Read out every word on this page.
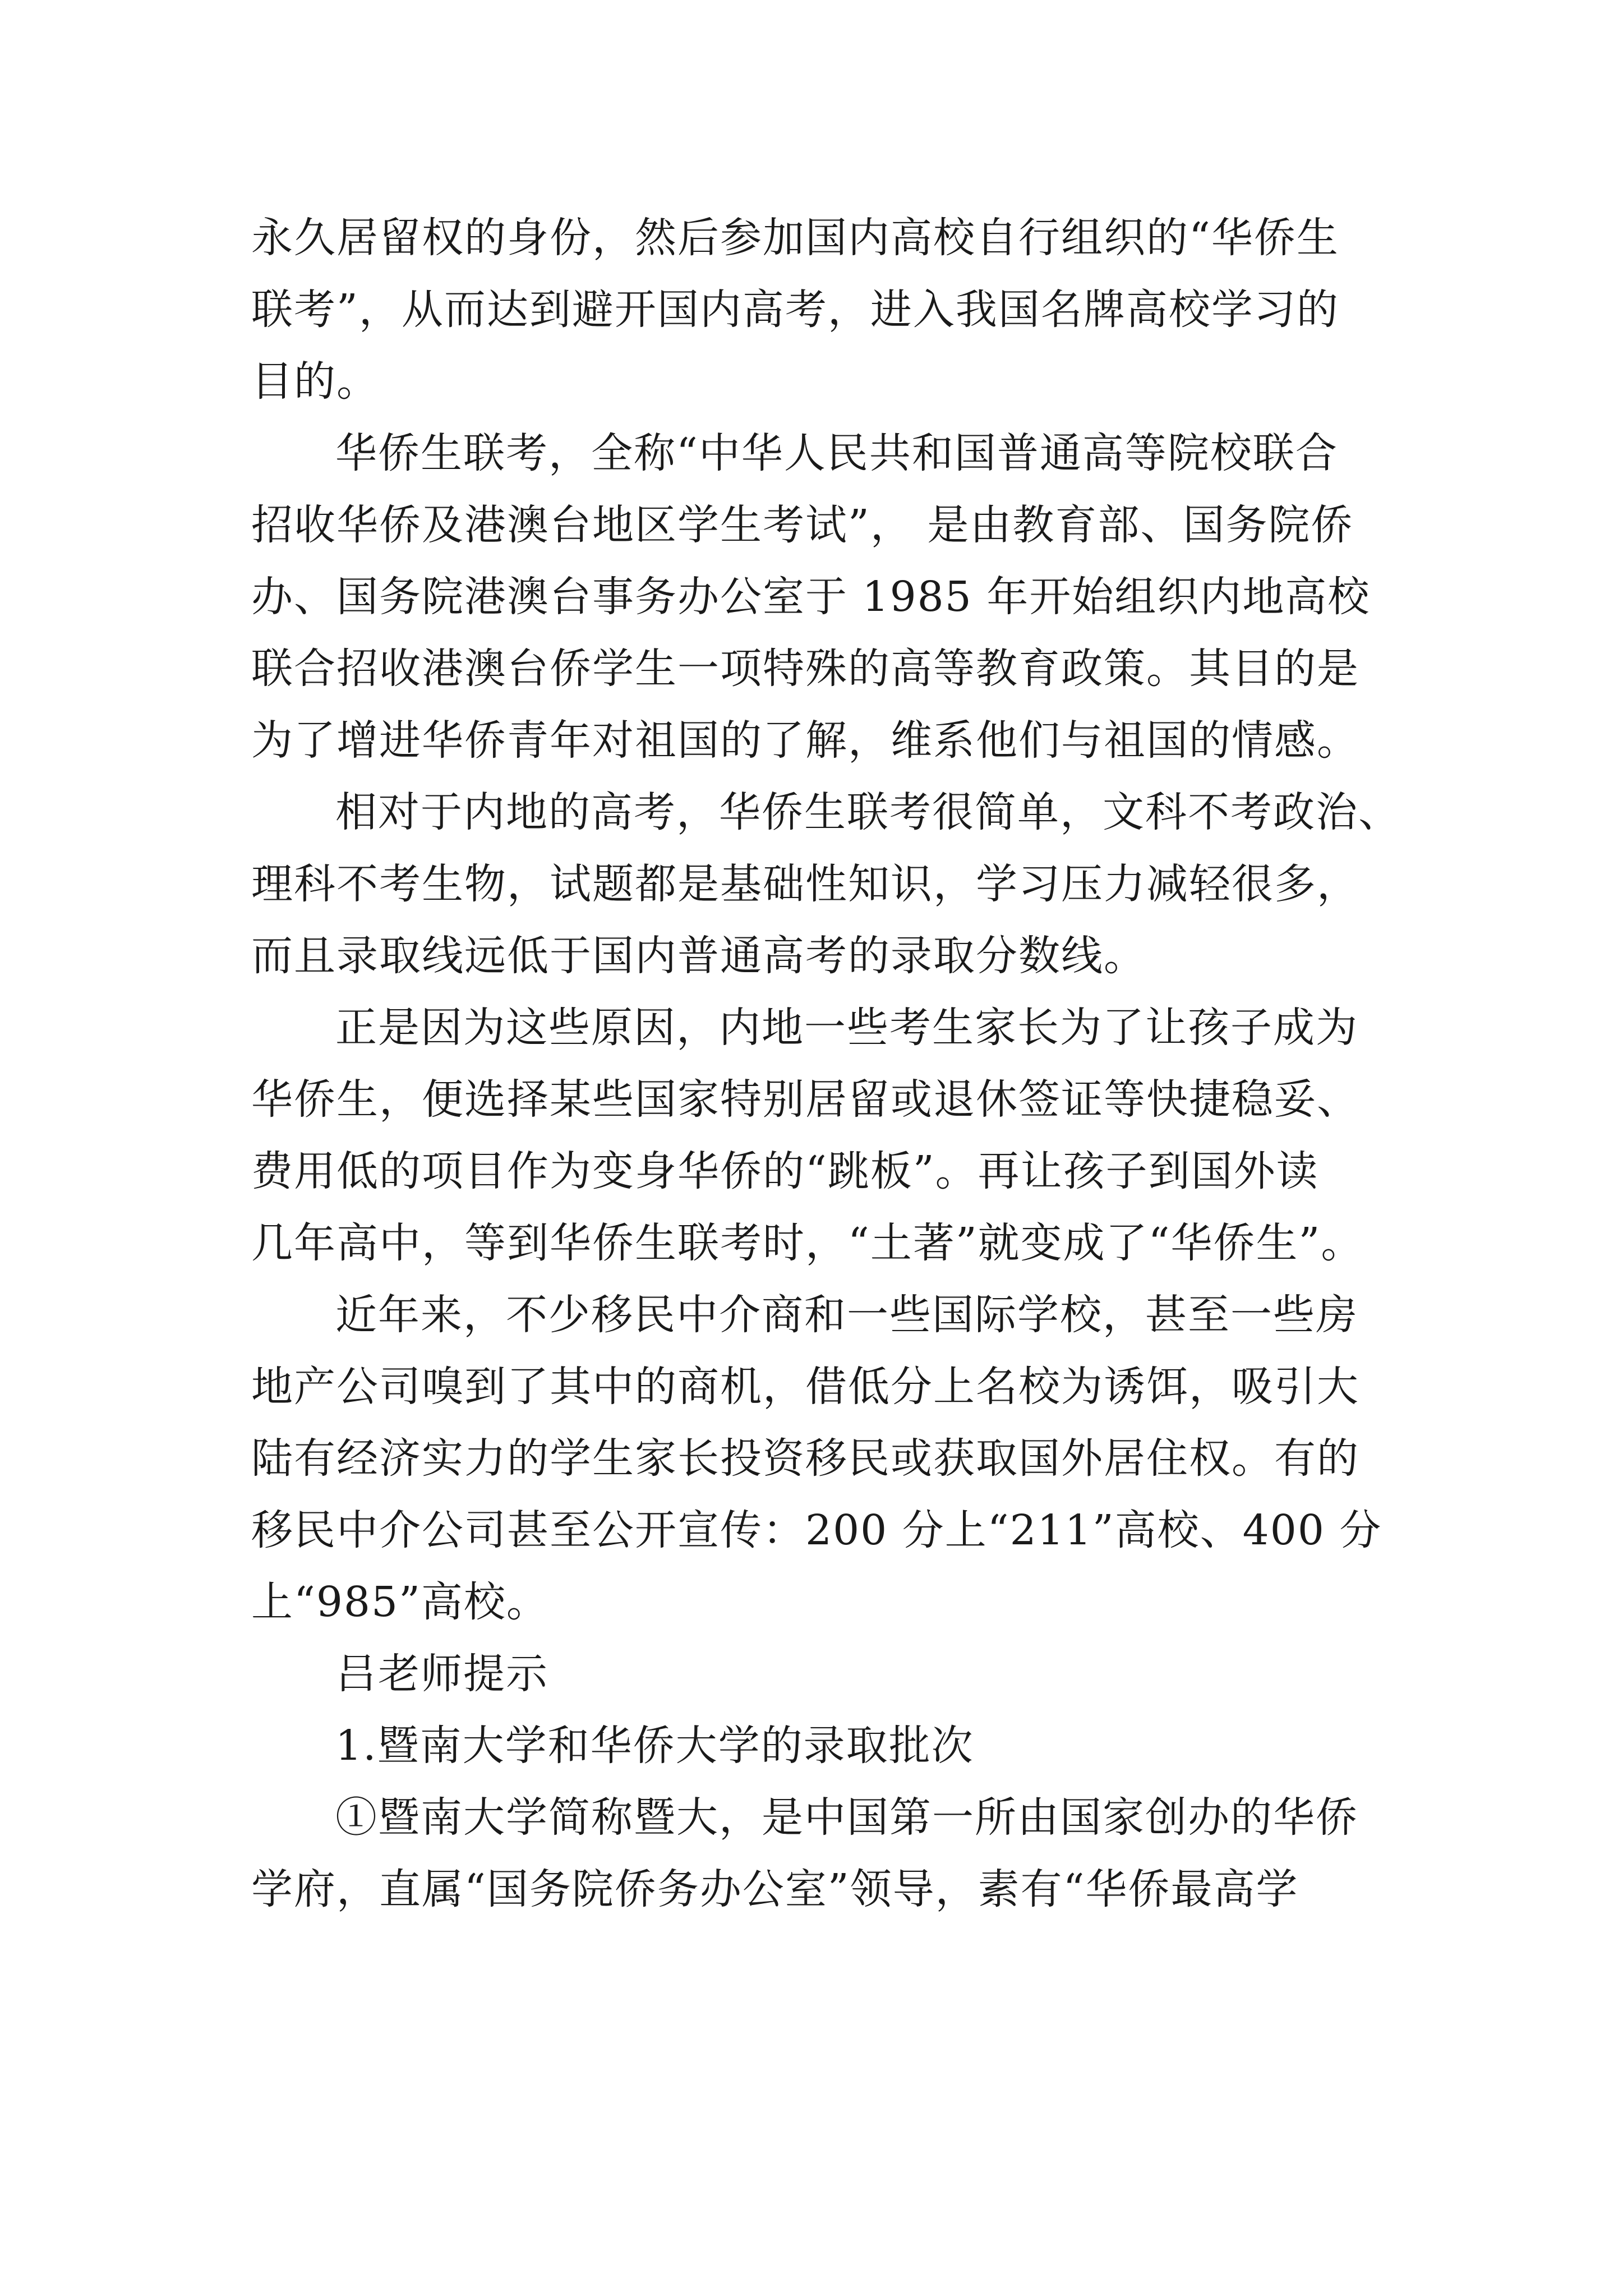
永久居留权的身份，然后参加国内高校自行组织的“华侨生
联考”，从而达到避开国内高考，进入我国名牌高校学习的
目的。
华侨生联考，全称“中华人民共和国普通高等院校联合
招收华侨及港澳台地区学生考试”， 是由教育部、国务院侨
办、国务院港澳台事务办公室于 1985 年开始组织内地高校
联合招收港澳台侨学生一项特殊的高等教育政策。其目的是
为了增进华侨青年对祖国的了解，维系他们与祖国的情感。
相对于内地的高考，华侨生联考很简单，文科不考政治、
理科不考生物，试题都是基础性知识，学习压力减轻很多，
而且录取线远低于国内普通高考的录取分数线。
正是因为这些原因，内地一些考生家长为了让孩子成为
华侨生，便选择某些国家特别居留或退休签证等快捷稳妥、
费用低的项目作为变身华侨的“跳板”。再让孩子到国外读
几年高中，等到华侨生联考时，“土著”就变成了“华侨生”。
近年来，不少移民中介商和一些国际学校，甚至一些房
地产公司嗅到了其中的商机，借低分上名校为诱饵，吸引大
陆有经济实力的学生家长投资移民或获取国外居住权。有的
移民中介公司甚至公开宣传：200 分上“211”高校、400 分
上“985”高校。
吕老师提示
1.暨南大学和华侨大学的录取批次
①暨南大学简称暨大，是中国第一所由国家创办的华侨
学府，直属“国务院侨务办公室”领导，素有“华侨最高学
